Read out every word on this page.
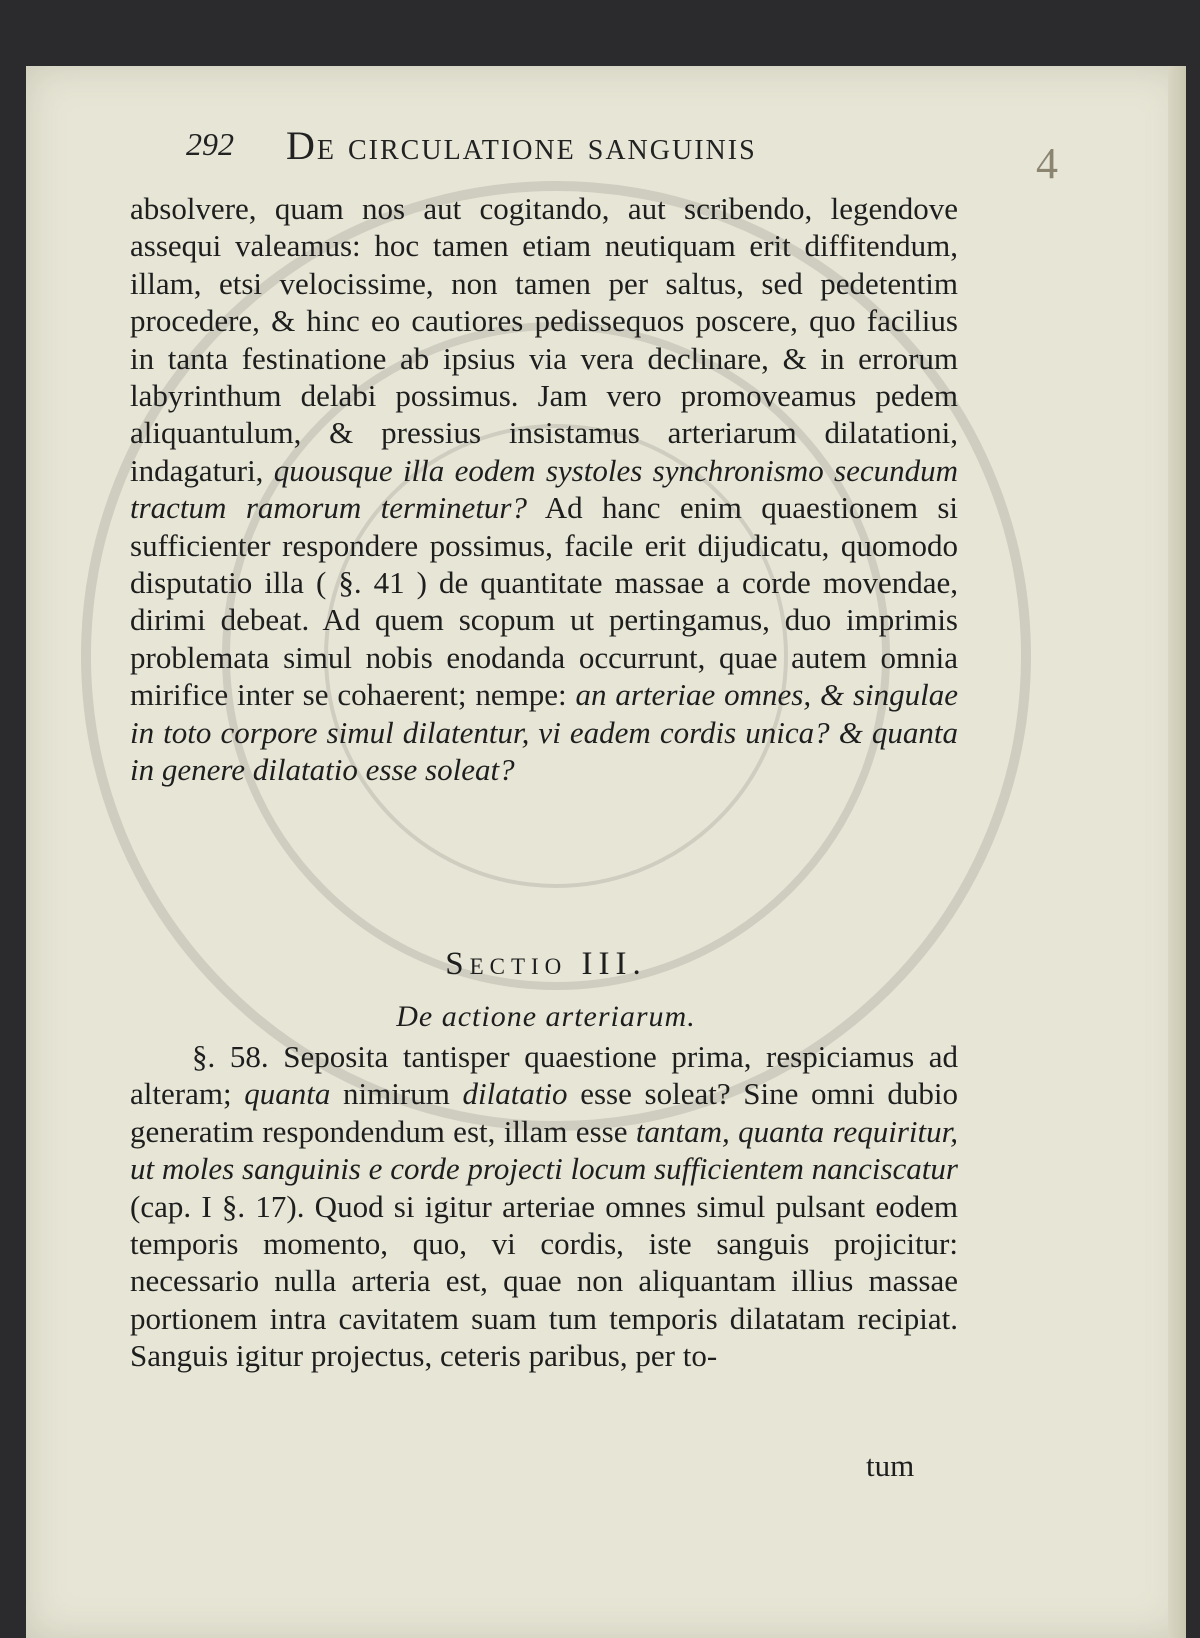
292 De circulatione sanguinis	4

absolvere, quam nos aut cogitando, aut scribendo, legendove assequi valeamus: hoc tamen etiam neutiquam erit diffitendum, illam, etsi velocissime, non tamen per saltus, sed pedetentim procedere, & hinc eo cautiores pedissequos poscere, quo facilius in tanta festinatione ab ipsius via vera declinare, & in errorum labyrinthum delabi possimus. Jam vero promoveamus pedem aliquantulum, & pressius insistamus arteriarum dilatationi, indagaturi, quousque illa eodem systoles synchronismo secundum tractum ramorum terminetur? Ad hanc enim quaestionem si sufficienter respondere possimus, facile erit dijudicatu, quomodo disputatio illa ( §. 41 ) de quantitate massae a corde movendae, dirimi debeat. Ad quem scopum ut pertingamus, duo imprimis problemata simul nobis enodanda occurrunt, quae autem omnia mirifice inter se cohaerent; nempe: an arteriae omnes, & singulae in toto corpore simul dilatentur, vi eadem cordis unica? & quanta in genere dilatatio esse soleat?

Sectio III.
De actione arteriarum.

§. 58. Seposita tantisper quaestione prima, respiciamus ad alteram; quanta nimirum dilatatio esse soleat? Sine omni dubio generatim respondendum est, illam esse tantam, quanta requiritur, ut moles sanguinis e corde projecti locum sufficientem nanciscatur (cap. I §. 17). Quod si igitur arteriae omnes simul pulsant eodem temporis momento, quo, vi cordis, iste sanguis projicitur: necessario nulla arteria est, quae non aliquantam illius massae portionem intra cavitatem suam tum temporis dilatatam recipiat. Sanguis igitur projectus, ceteris paribus, per to-

tum
